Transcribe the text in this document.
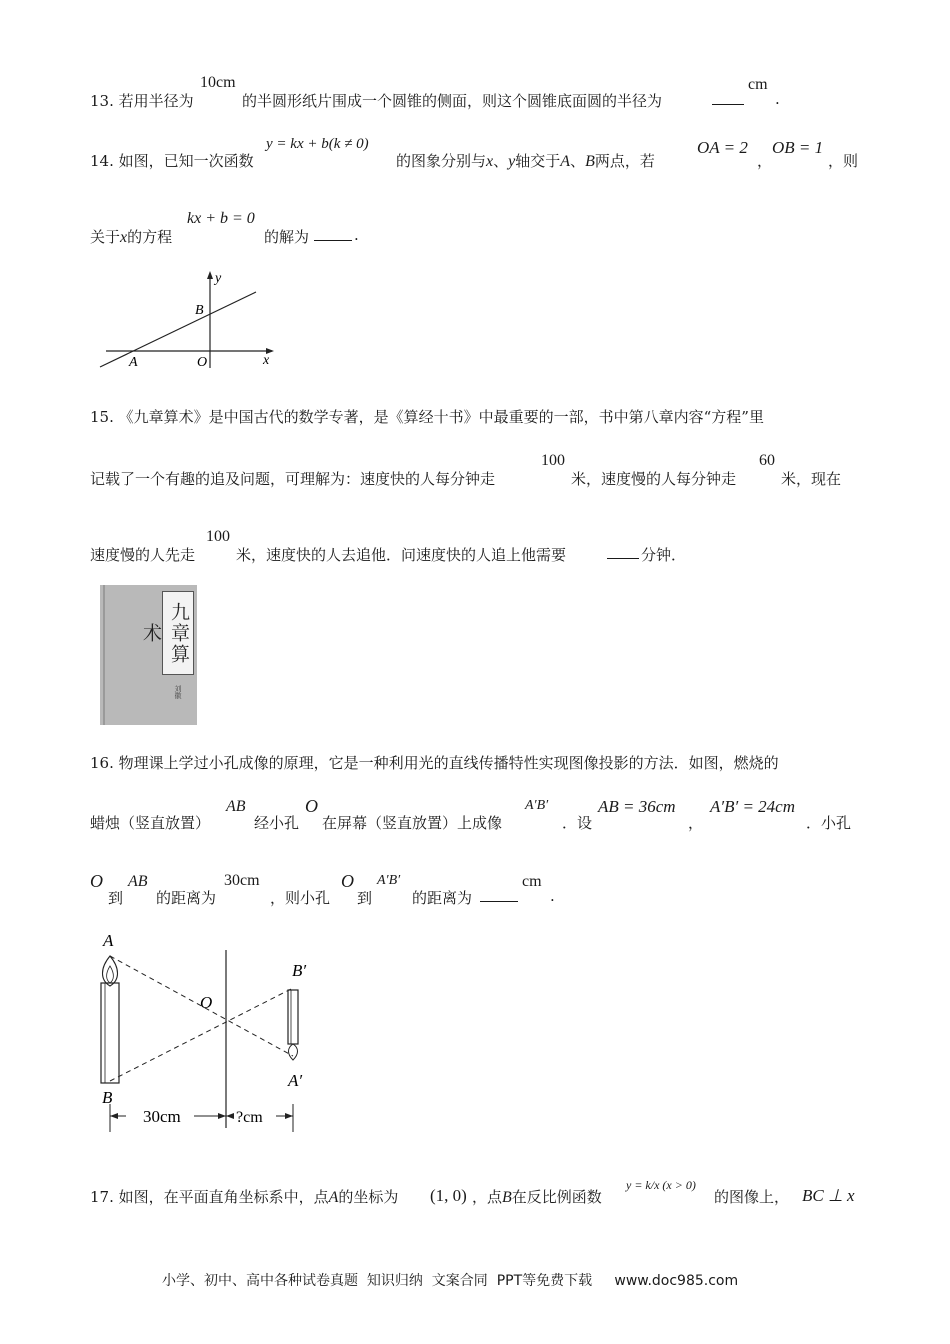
13. 若用半径为
10cm
的半圆形纸片围成一个圆锥的侧面，则这个圆锥底面圆的半径为
cm
.
14. 如图，已知一次函数
y = kx + b(k ≠ 0)
的图象分别与x、y轴交于A、B两点，若
OA = 2
，
OB = 1
，则
关于x的方程
kx + b = 0
的解为	.
y
B
A	O	x
15. 《九章算术》是中国古代的数学专著，是《算经十书》中最重要的一部，书中第八章内容“方程”里
记载了一个有趣的追及问题，可理解为：速度快的人每分钟走
100
米，速度慢的人每分钟走
60
米，现在
速度慢的人先走
100
米，速度快的人去追他．问速度快的人追上他需要	分钟．
九章算术
刘徽
16. 物理课上学过小孔成像的原理，它是一种利用光的直线传播特性实现图像投影的方法．如图，燃烧的
蜡烛（竖直放置）
AB
经小孔
O
在屏幕（竖直放置）上成像
A′B′
．设
AB = 36cm
，
A′B′ = 24cm
．小孔
O
到
AB
的距离为
30cm
，则小孔
O
到
A′B′
的距离为
cm
.
A
B
O
B′
A′
30cm	?cm
17. 如图，在平面直角坐标系中，点A的坐标为 (1, 0) ，点B在反比例函数
y = k/x (x > 0)
的图像上， BC ⊥ x
小学、初中、高中各种试卷真题  知识归纳  文案合同  PPT等免费下载     www.doc985.com
